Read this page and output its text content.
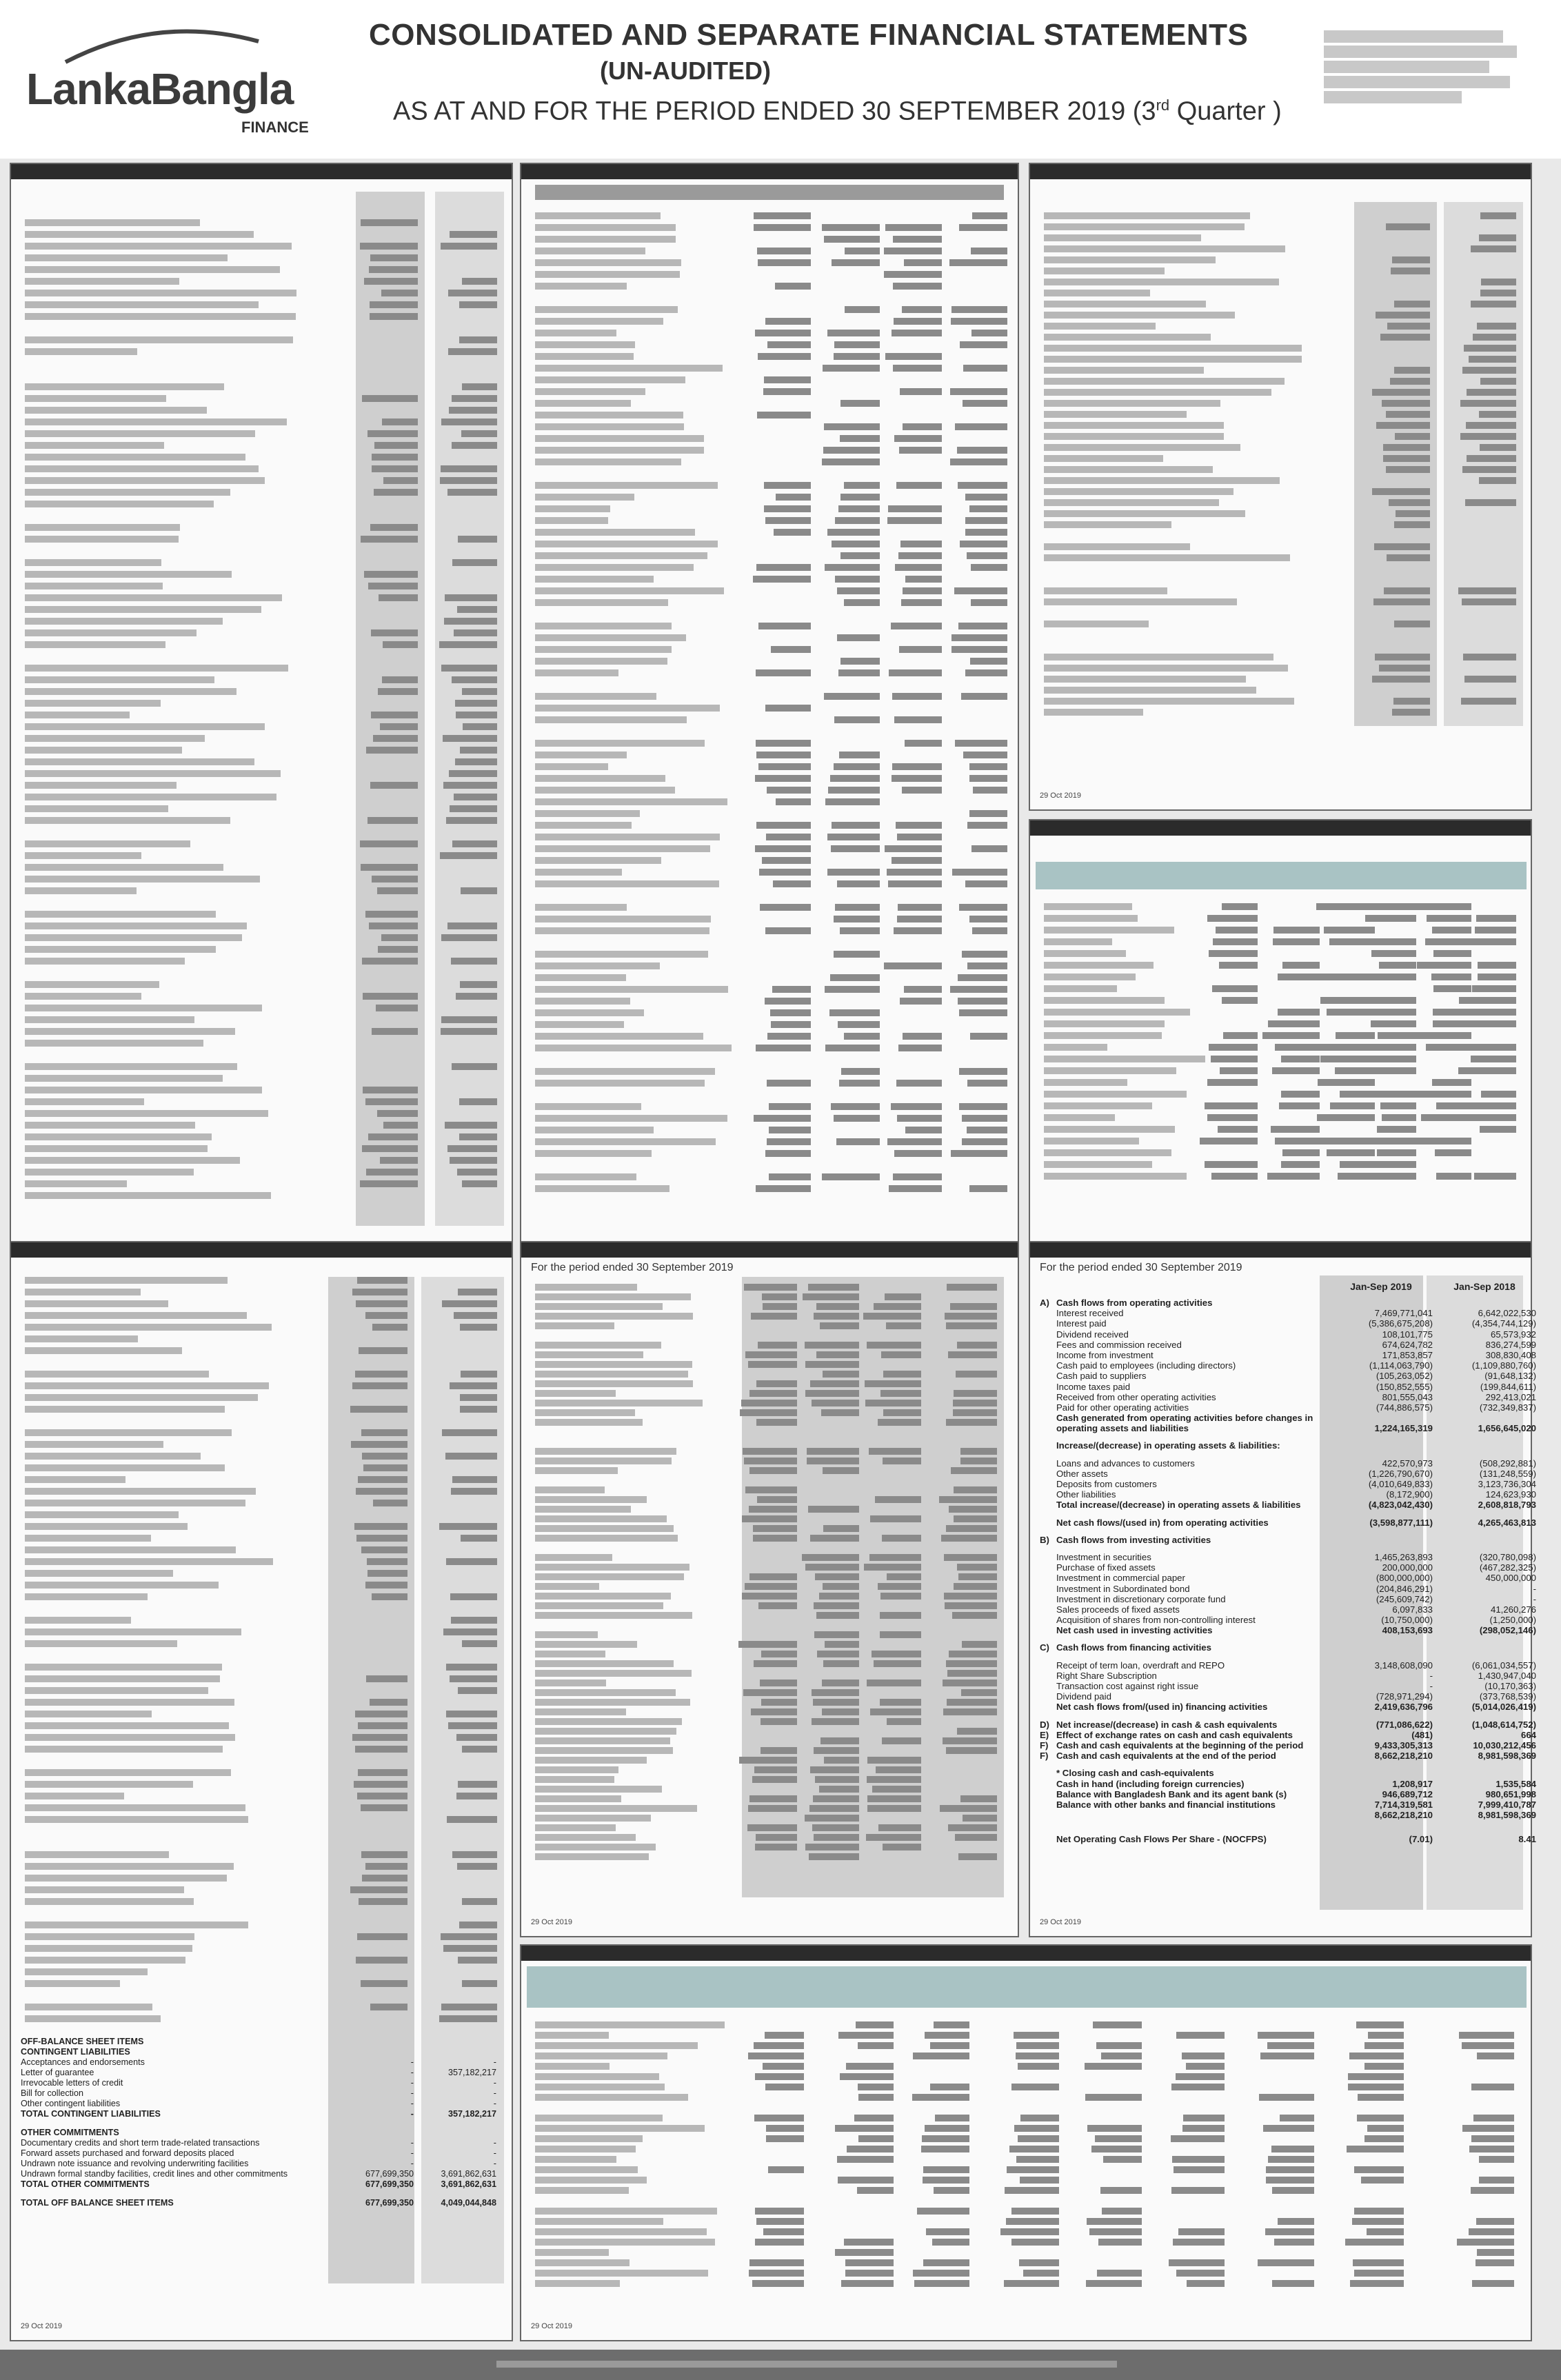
LankaBangla
FINANCE
CONSOLIDATED AND SEPARATE FINANCIAL STATEMENTS
(UN-AUDITED)
AS AT AND FOR THE PERIOD ENDED 30 SEPTEMBER 2019 (3rd Quarter )
29 Oct 2019
OFF-BALANCE SHEET ITEMS
CONTINGENT LIABILITIES
Acceptances and endorsements	-	-
Letter of guarantee	-	357,182,217
Irrevocable letters of credit	-	-
Bill for collection	-	-
Other contingent liabilities	-	-
TOTAL CONTINGENT LIABILITIES	-	357,182,217
OTHER COMMITMENTS
Documentary credits and short term trade-related transactions	-	-
Forward assets purchased and forward deposits placed	-	-
Undrawn note issuance and revolving underwriting facilities	-	-
Undrawn formal standby facilities, credit lines and other commitments	677,699,350	3,691,862,631
TOTAL OTHER COMMITMENTS	677,699,350	3,691,862,631
TOTAL OFF BALANCE SHEET ITEMS	677,699,350	4,049,044,848
29 Oct 2019
For the period ended 30 September 2019
29 Oct 2019
For the period ended 30 September 2019
Jan-Sep 2019	Jan-Sep 2018
A) Cash flows from operating activities
Interest received	7,469,771,041	6,642,022,530
Interest paid	(5,386,675,208)	(4,354,744,129)
Dividend received	108,101,775	65,573,932
Fees and commission received	674,624,782	836,274,599
Income from investment	171,853,857	308,830,408
Cash paid to employees (including directors)	(1,114,063,790)	(1,109,880,760)
Cash paid to suppliers	(105,263,052)	(91,648,132)
Income taxes paid	(150,852,555)	(199,844,611)
Received from other operating activities	801,555,043	292,413,021
Paid for other operating activities	(744,886,575)	(732,349,837)
Cash generated from operating activities before changes in
operating assets and liabilities	1,224,165,319	1,656,645,020
Increase/(decrease) in operating assets & liabilities:
Loans and advances to customers	422,570,973	(508,292,881)
Other assets	(1,226,790,670)	(131,248,559)
Deposits from customers	(4,010,649,833)	3,123,736,304
Other liabilities	(8,172,900)	124,623,930
Total increase/(decrease) in operating assets & liabilities	(4,823,042,430)	2,608,818,793
Net cash flows/(used in) from operating activities	(3,598,877,111)	4,265,463,813
B) Cash flows from investing activities
Investment in securities	1,465,263,893	(320,780,098)
Purchase of fixed assets	200,000,000	(467,282,325)
Investment in commercial paper	(800,000,000)	450,000,000
Investment in Subordinated bond	(204,846,291)	-
Investment in discretionary corporate fund	(245,609,742)	-
Sales proceeds of fixed assets	6,097,833	41,260,276
Acquisition of shares from non-controlling interest	(10,750,000)	(1,250,000)
Net cash used in investing activities	408,153,693	(298,052,146)
C) Cash flows from financing activities
Receipt of term loan, overdraft and REPO	3,148,608,090	(6,061,034,557)
Right Share Subscription	-	1,430,947,040
Transaction cost against right issue	-	(10,170,363)
Dividend paid	(728,971,294)	(373,768,539)
Net cash flows from/(used in) financing activities	2,419,636,796	(5,014,026,419)
D) Net increase/(decrease) in cash & cash equivalents	(771,086,622)	(1,048,614,752)
E) Effect of exchange rates on cash and cash equivalents	(481)	664
F) Cash and cash equivalents at the beginning of the period	9,433,305,313	10,030,212,456
F) Cash and cash equivalents at the end of the period	8,662,218,210	8,981,598,369
* Closing cash and cash-equivalents
Cash in hand (including foreign currencies)	1,208,917	1,535,584
Balance with Bangladesh Bank and its agent bank (s)	946,689,712	980,651,998
Balance with other banks and financial institutions	7,714,319,581	7,999,410,787
8,662,218,210	8,981,598,369
Net Operating Cash Flows Per Share - (NOCFPS)	(7.01)	8.41
29 Oct 2019
29 Oct 2019
